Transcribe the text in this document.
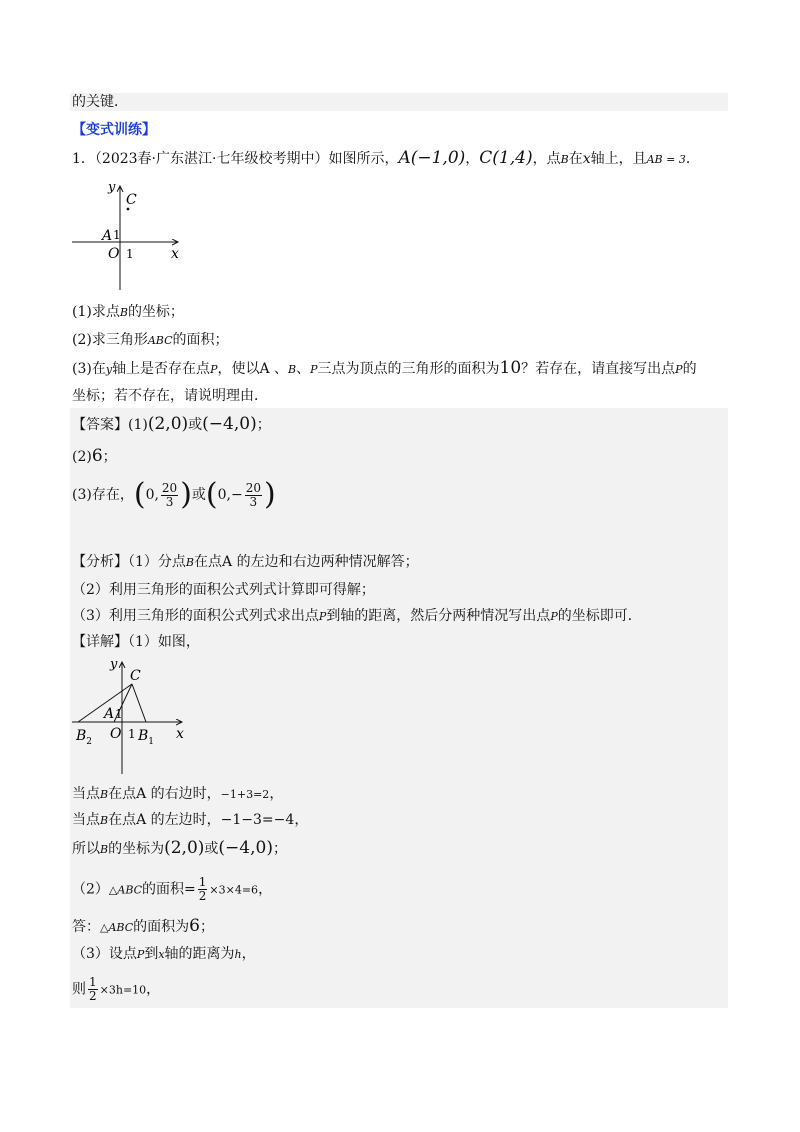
的关键．
【变式训练】
1．（2023春·广东湛江·七年级校考期中）如图所示，A(−1,0)，C(1,4)，点B在x轴上，且AB = 3．
y
C
A 1
O 1	x
(1)求点B的坐标；
(2)求三角形ABC的面积；
(3)在y轴上是否存在点P，使以A 、B、P三点为顶点的三角形的面积为10？若存在，请直接写出点P的
坐标；若不存在，请说明理由．
【答案】(1)(2,0)或(−4,0)；
(2)6；
(3)存在，(0, $\frac{20}{3}$ )或($0,- \frac{20}{3}$ )
【分析】（1）分点B在点A 的左边和右边两种情况解答；
（2）利用三角形的面积公式列式计算即可得解；
（3）利用三角形的面积公式列式求出点P到轴的距离，然后分两种情况写出点P的坐标即可．
【详解】（1）如图，
y
C
A 1
$B_2$ O 1 $B_1$ x
当点B在点A 的右边时，−1+3=2，
当点B在点A 的左边时，−1−3=−4，
所以B的坐标为(2,0)或(−4,0)；
（2）△ABC的面积= $\frac{1}{2} \times 3\times 4=6$，
答：△ABC的面积为6；
（3）设点P到x轴的距离为h，
则 $\frac{1}{2} \times 3h=10$，
